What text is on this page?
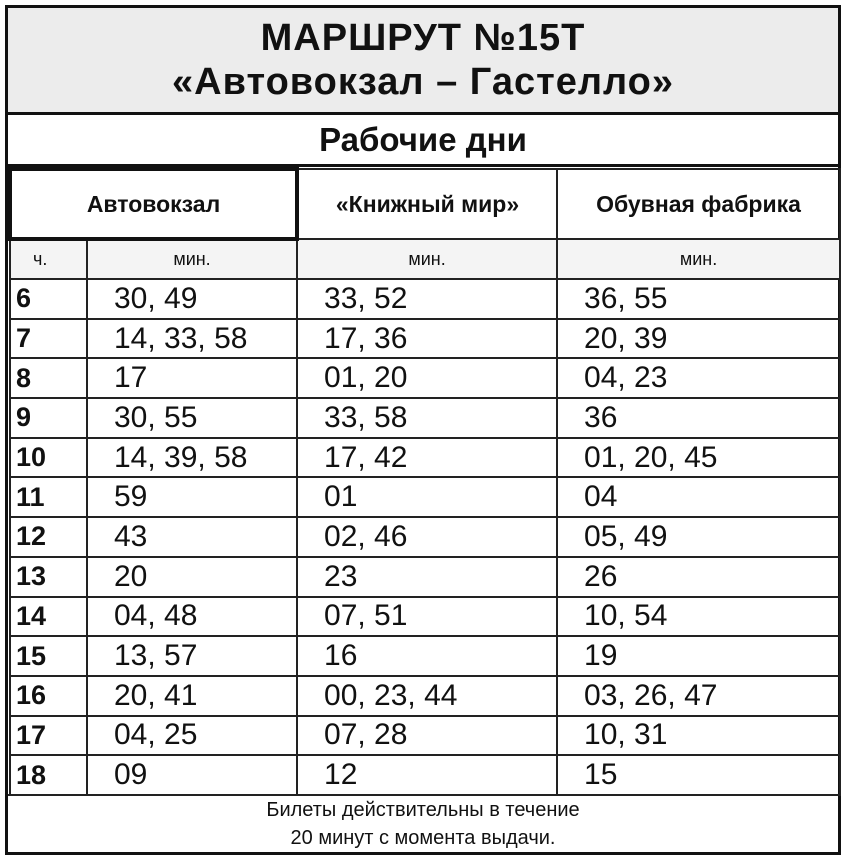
МАРШРУТ №15Т
«Автовокзал – Гастелло»
Рабочие дни
Автовокзал		«Книжный мир»	Обувная фабрика
ч.	мин.	мин.	мин.
6	30, 49	33, 52	36, 55
7	14, 33, 58	17, 36	20, 39
8	17	01, 20	04, 23
9	30, 55	33, 58	36
10	14, 39, 58	17, 42	01, 20, 45
11	59	01	04
12	43	02, 46	05, 49
13	20	23	26
14	04, 48	07, 51	10, 54
15	13, 57	16	19
16	20, 41	00, 23, 44	03, 26, 47
17	04, 25	07, 28	10, 31
18	09	12	15
Билеты действительны в течение
20 минут с момента выдачи.
